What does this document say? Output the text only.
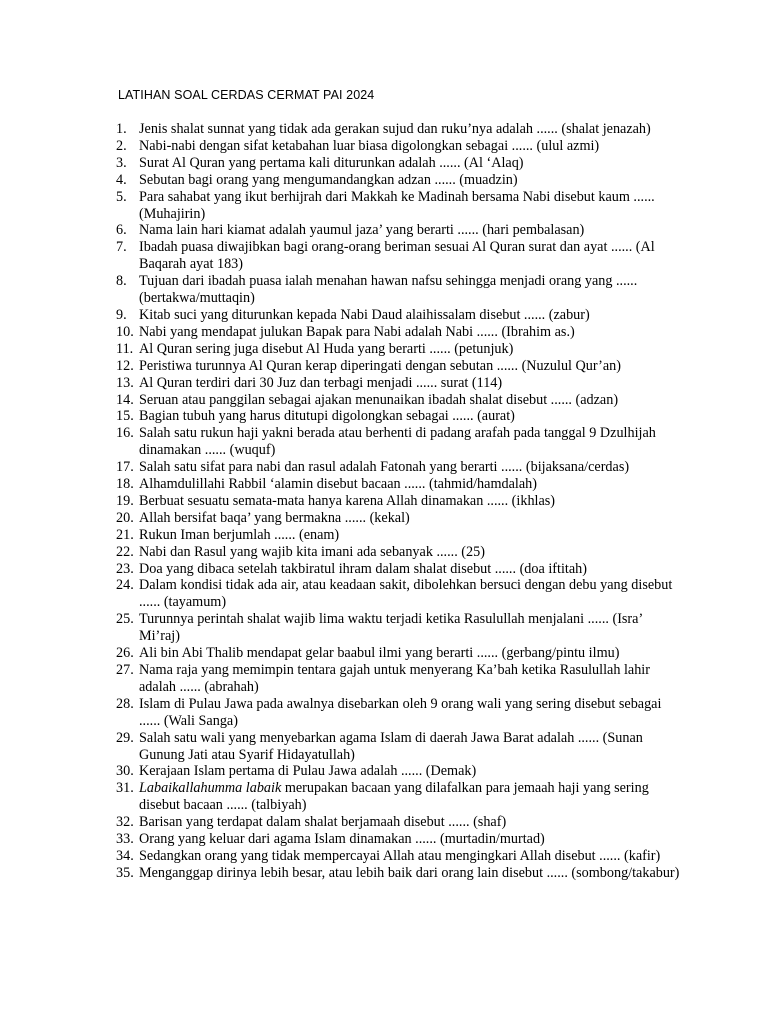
LATIHAN SOAL CERDAS CERMAT PAI 2024
1. Jenis shalat sunnat yang tidak ada gerakan sujud dan ruku’nya adalah ...... (shalat jenazah)
2. Nabi-nabi dengan sifat ketabahan luar biasa digolongkan sebagai ...... (ulul azmi)
3. Surat Al Quran yang pertama kali diturunkan adalah ...... (Al ‘Alaq)
4. Sebutan bagi orang yang mengumandangkan adzan ...... (muadzin)
5. Para sahabat yang ikut berhijrah dari Makkah ke Madinah bersama Nabi disebut kaum ...... (Muhajirin)
6. Nama lain hari kiamat adalah yaumul jaza’ yang berarti ...... (hari pembalasan)
7. Ibadah puasa diwajibkan bagi orang-orang beriman sesuai Al Quran surat dan ayat ...... (Al Baqarah ayat 183)
8. Tujuan dari ibadah puasa ialah menahan hawan nafsu sehingga menjadi orang yang ...... (bertakwa/muttaqin)
9. Kitab suci yang diturunkan kepada Nabi Daud alaihissalam disebut ...... (zabur)
10. Nabi yang mendapat julukan Bapak para Nabi adalah Nabi ...... (Ibrahim as.)
11. Al Quran sering juga disebut Al Huda yang berarti ...... (petunjuk)
12. Peristiwa turunnya Al Quran kerap diperingati dengan sebutan ...... (Nuzulul Qur’an)
13. Al Quran terdiri dari 30 Juz dan terbagi menjadi ...... surat (114)
14. Seruan atau panggilan sebagai ajakan menunaikan ibadah shalat disebut ...... (adzan)
15. Bagian tubuh yang harus ditutupi digolongkan sebagai ...... (aurat)
16. Salah satu rukun haji yakni berada atau berhenti di padang arafah pada tanggal 9 Dzulhijah dinamakan ...... (wuquf)
17. Salah satu sifat para nabi dan rasul adalah Fatonah yang berarti ...... (bijaksana/cerdas)
18. Alhamdulillahi Rabbil ‘alamin disebut bacaan ...... (tahmid/hamdalah)
19. Berbuat sesuatu semata-mata hanya karena Allah dinamakan ...... (ikhlas)
20. Allah bersifat baqa’ yang bermakna ...... (kekal)
21. Rukun Iman berjumlah ...... (enam)
22. Nabi dan Rasul yang wajib kita imani ada sebanyak ...... (25)
23. Doa yang dibaca setelah takbiratul ihram dalam shalat disebut ...... (doa iftitah)
24. Dalam kondisi tidak ada air, atau keadaan sakit, dibolehkan bersuci dengan debu yang disebut ...... (tayamum)
25. Turunnya perintah shalat wajib lima waktu terjadi ketika Rasulullah menjalani ...... (Isra’ Mi’raj)
26. Ali bin Abi Thalib mendapat gelar baabul ilmi yang berarti ...... (gerbang/pintu ilmu)
27. Nama raja yang memimpin tentara gajah untuk menyerang Ka’bah ketika Rasulullah lahir adalah ...... (abrahah)
28. Islam di Pulau Jawa pada awalnya disebarkan oleh 9 orang wali yang sering disebut sebagai ...... (Wali Sanga)
29. Salah satu wali yang menyebarkan agama Islam di daerah Jawa Barat adalah ...... (Sunan Gunung Jati atau Syarif Hidayatullah)
30. Kerajaan Islam pertama di Pulau Jawa adalah ...... (Demak)
31. Labaikallahumma labaik merupakan bacaan yang dilafalkan para jemaah haji yang sering disebut bacaan ...... (talbiyah)
32. Barisan yang terdapat dalam shalat berjamaah disebut ...... (shaf)
33. Orang yang keluar dari agama Islam dinamakan ...... (murtadin/murtad)
34. Sedangkan orang yang tidak mempercayai Allah atau mengingkari Allah disebut ...... (kafir)
35. Menganggap dirinya lebih besar, atau lebih baik dari orang lain disebut ...... (sombong/takabur)
